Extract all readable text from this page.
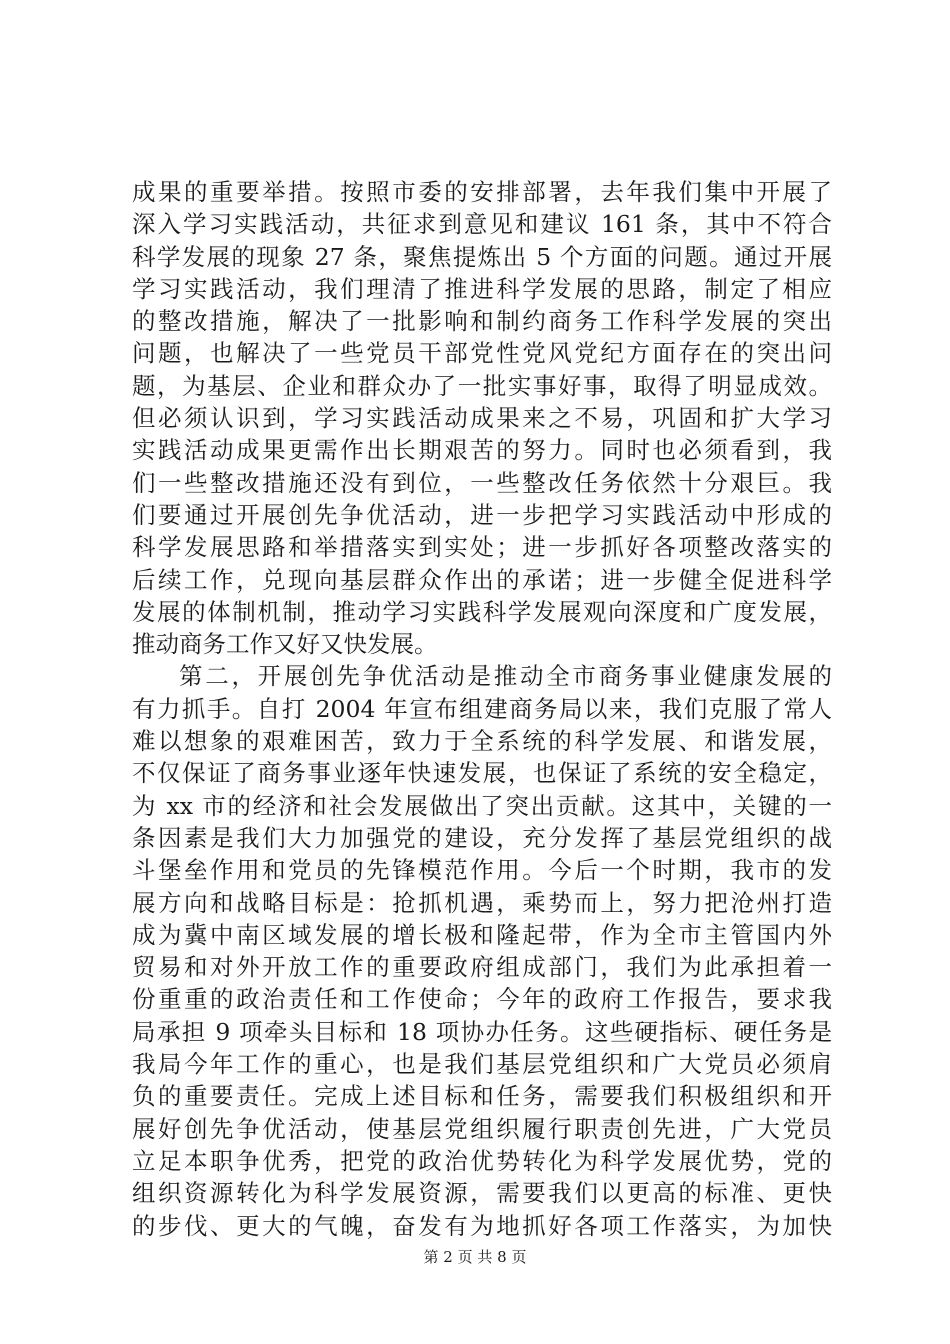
成果的重要举措。按照市委的安排部署，去年我们集中开展了
深入学习实践活动，共征求到意见和建议 161 条，其中不符合
科学发展的现象 27 条，聚焦提炼出 5 个方面的问题。通过开展
学习实践活动，我们理清了推进科学发展的思路，制定了相应
的整改措施，解决了一批影响和制约商务工作科学发展的突出
问题，也解决了一些党员干部党性党风党纪方面存在的突出问
题，为基层、企业和群众办了一批实事好事，取得了明显成效。
但必须认识到，学习实践活动成果来之不易，巩固和扩大学习
实践活动成果更需作出长期艰苦的努力。同时也必须看到，我
们一些整改措施还没有到位，一些整改任务依然十分艰巨。我
们要通过开展创先争优活动，进一步把学习实践活动中形成的
科学发展思路和举措落实到实处；进一步抓好各项整改落实的
后续工作，兑现向基层群众作出的承诺；进一步健全促进科学
发展的体制机制，推动学习实践科学发展观向深度和广度发展，
推动商务工作又好又快发展。
第二，开展创先争优活动是推动全市商务事业健康发展的
有力抓手。自打 2004 年宣布组建商务局以来，我们克服了常人
难以想象的艰难困苦，致力于全系统的科学发展、和谐发展，
不仅保证了商务事业逐年快速发展，也保证了系统的安全稳定，
为 xx 市的经济和社会发展做出了突出贡献。这其中，关键的一
条因素是我们大力加强党的建设，充分发挥了基层党组织的战
斗堡垒作用和党员的先锋模范作用。今后一个时期，我市的发
展方向和战略目标是：抢抓机遇，乘势而上，努力把沧州打造
成为冀中南区域发展的增长极和隆起带，作为全市主管国内外
贸易和对外开放工作的重要政府组成部门，我们为此承担着一
份重重的政治责任和工作使命；今年的政府工作报告，要求我
局承担 9 项牵头目标和 18 项协办任务。这些硬指标、硬任务是
我局今年工作的重心，也是我们基层党组织和广大党员必须肩
负的重要责任。完成上述目标和任务，需要我们积极组织和开
展好创先争优活动，使基层党组织履行职责创先进，广大党员
立足本职争优秀，把党的政治优势转化为科学发展优势，党的
组织资源转化为科学发展资源，需要我们以更高的标准、更快
的步伐、更大的气魄，奋发有为地抓好各项工作落实，为加快
第 2 页 共 8 页
